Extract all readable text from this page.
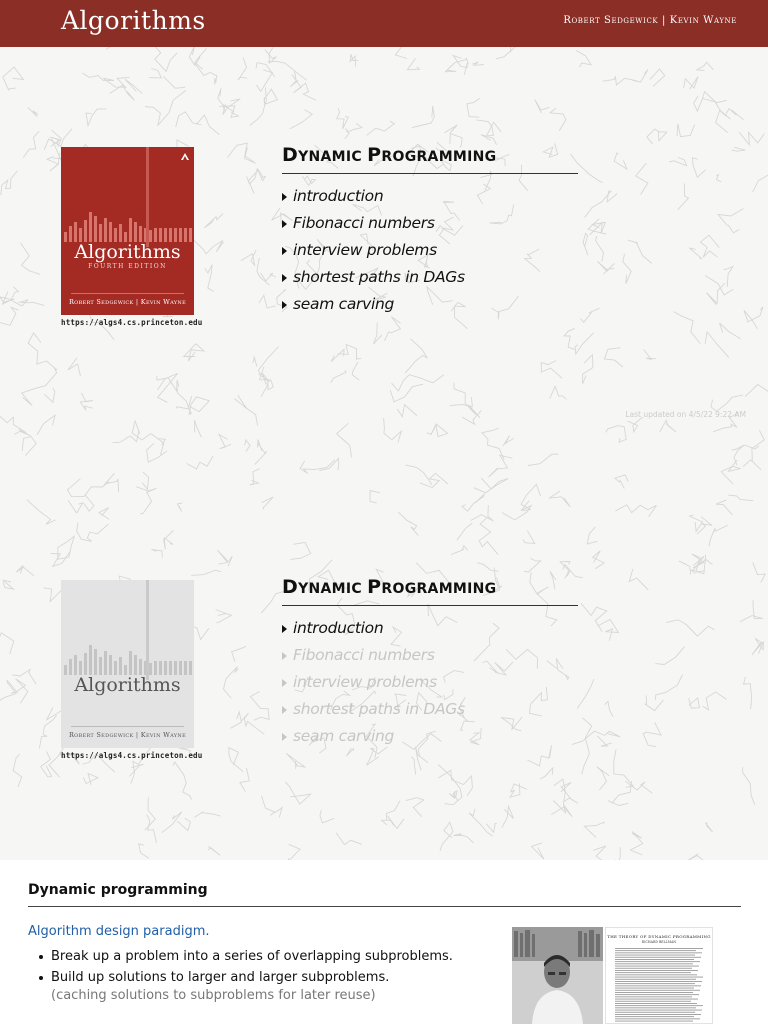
Algorithms	Robert Sedgewick | Kevin Wayne
Algorithms
FOURTH EDITION
Robert Sedgewick | Kevin Wayne
https://algs4.cs.princeton.edu
DYNAMIC PROGRAMMING
introduction
Fibonacci numbers
interview problems
shortest paths in DAGs
seam carving
Last updated on 4/5/22 9:22 AM
Algorithms
Robert Sedgewick | Kevin Wayne
https://algs4.cs.princeton.edu
DYNAMIC PROGRAMMING
introduction
Fibonacci numbers
interview problems
shortest paths in DAGs
seam carving
Dynamic programming
Algorithm design paradigm.
Break up a problem into a series of overlapping subproblems.
Build up solutions to larger and larger subproblems.
(caching solutions to subproblems for later reuse)
THE THEORY OF DYNAMIC PROGRAMMING
RICHARD BELLMAN
